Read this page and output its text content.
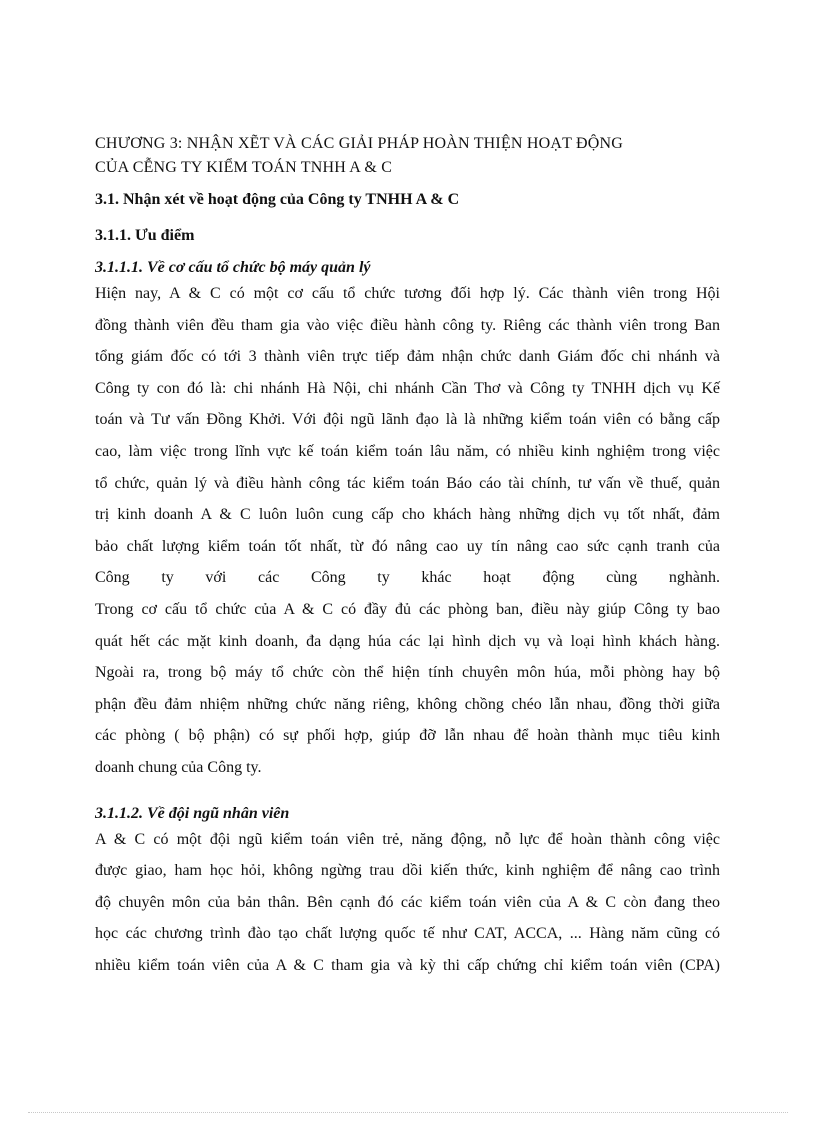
CHƯƠNG 3: NHẬN XẼT VÀ CÁC GIẢI PHÁP HOÀN THIỆN HOẠT ĐỘNG
CỦA CỄNG TY KIỂM TOÁN TNHH A & C
3.1. Nhận xét về hoạt động của Công ty TNHH A & C
3.1.1. Ưu điểm
3.1.1.1. Về cơ cấu tổ chức bộ máy quản lý
Hiện nay, A & C có một cơ cấu tổ chức tương đối hợp lý. Các thành viên trong Hội
đồng thành viên đều tham gia vào việc điều hành công ty. Riêng các thành viên trong Ban
tổng giám đốc có tới 3 thành viên trực tiếp đảm nhận chức danh Giám đốc chi nhánh và
Công ty con đó là: chi nhánh Hà Nội, chi nhánh Cần Thơ và Công ty TNHH dịch vụ Kế
toán và Tư vấn Đồng Khởi. Với đội ngũ lãnh đạo là là những kiểm toán viên có bằng cấp
cao, làm việc trong lĩnh vực kế toán kiểm toán lâu năm, có nhiều kinh nghiệm trong việc
tổ chức, quản lý và điều hành công tác kiểm toán Báo cáo tài chính, tư vấn về thuế, quản
trị kinh doanh A & C luôn luôn cung cấp cho khách hàng những dịch vụ tốt nhất, đảm
bảo chất lượng kiểm toán tốt nhất, từ đó nâng cao uy tín nâng cao sức cạnh tranh của
Công ty với các Công ty khác hoạt động cùng nghành.
Trong cơ cấu tổ chức của A & C có đầy đủ các phòng ban, điều này giúp Công ty bao
quát hết các mặt kinh doanh, đa dạng húa các lại hình dịch vụ và loại hình khách hàng.
Ngoài ra, trong bộ máy tổ chức còn thể hiện tính chuyên môn húa, mỗi phòng hay bộ
phận đều đảm nhiệm những chức năng riêng, không chồng chéo lẫn nhau, đồng thời giữa
các phòng ( bộ phận) có sự phối hợp, giúp đỡ lẫn nhau để hoàn thành mục tiêu kinh
doanh chung của Công ty.
3.1.1.2. Về đội ngũ nhân viên
A & C có một đội ngũ kiểm toán viên trẻ, năng động, nỗ lực để hoàn thành công việc
được giao, ham học hỏi, không ngừng trau dồi kiến thức, kinh nghiệm để nâng cao trình
độ chuyên môn của bản thân. Bên cạnh đó các kiểm toán viên của A & C còn đang theo
học các chương trình đào tạo chất lượng quốc tế như CAT, ACCA, ... Hàng năm cũng có
nhiều kiểm toán viên của A & C tham gia và kỳ thi cấp chứng chỉ kiểm toán viên (CPA)
